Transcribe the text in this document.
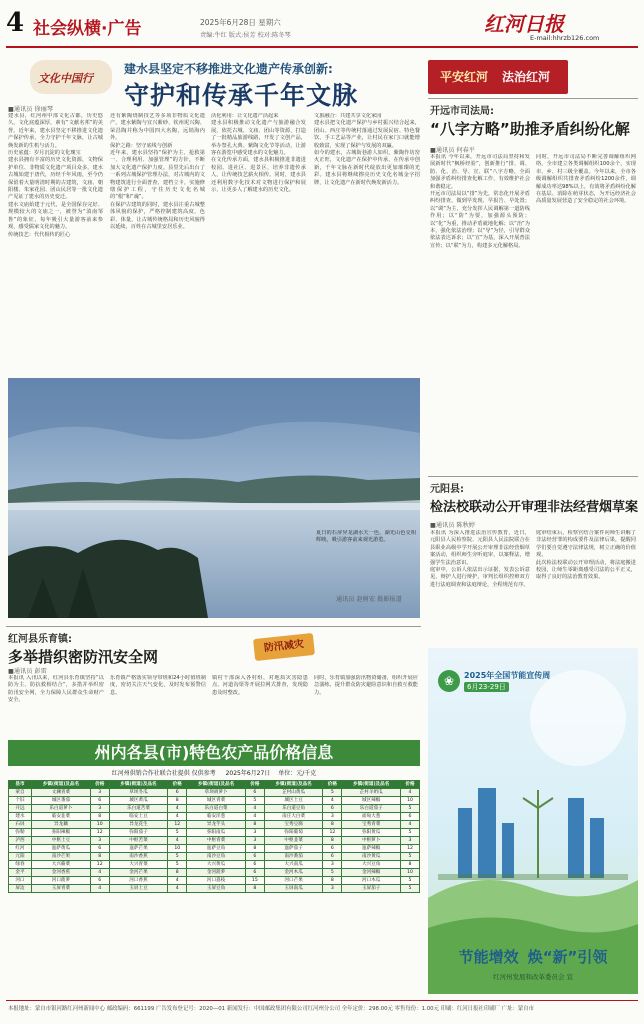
4 社会纵横·广告	2025年6月28日 星期六
责编:牛红 版式:侯芳 校对:陈冬琴	红河日报
E-mail:hhrzb126.com
文化中国行
建水县坚定不移推进文化遗产传承创新:
守护和传承千年文脉
■通讯员 徐丽琴
建水县，红河州中部文化古都，历史悠久，文化底蕴深厚，素有“文献名邦”的美誉。近年来，建水县坚定不移推进文化遗产保护传承，全力守护千年文脉，让古城焕发新的生机与活力。
历史底蕴：岁月沉淀的文化瑰宝
建水县拥有丰富的历史文化资源，文物保护单位、非物质文化遗产项目众多。建水古城始建于唐代，历经千年风雨，至今仍保留着大量明清时期的古建筑，文庙、朝阳楼、朱家花园、团山民居等一批文化遗产见证了建水的历史变迁。
建水文庙始建于元代，是全国保存完好、规模较大的文庙之一，被誉为“滇南邹鲁”的象征，每年吸引大量游客前来参观，感受儒家文化的魅力。
传统技艺：代代相传的匠心
还有紫陶烧制技艺等多项非物质文化遗产，建水紫陶与宜兴紫砂、钦州坭兴陶、荣昌陶并称为中国四大名陶，远销海内外。
保护之路：坚守底线与创新
近年来，建水县坚持“保护为主、抢救第一、合理利用、加强管理”的方针，不断加大文化遗产保护力度。县里先后出台了一系列古城保护管理办法，对古城内的文物建筑进行全面普查、建档立卡，实施修缮保护工程，守住历史文化名城的“根”和“魂”。
在保护古建筑的同时，建水县注重古城整体风貌的保护，严格控制建筑高度、色彩、体量，让古城传统格局和历史风貌得以延续，百姓在古城里安居乐业。
活化利用：让文化遗产活起来
建水县积极推动文化遗产与旅游融合发展，依托古城、文庙、团山等资源，打造了一批精品旅游线路，开发了文创产品，举办祭孔大典、紫陶文化节等活动，让游客在游览中感受建水的文化魅力。
在文化传承方面，建水县积极推进非遗进校园、进社区、进景区，培养非遗传承人，让传统技艺薪火相传。同时，建水县还利用数字化技术对文物进行保护和展示，让更多人了解建水的历史文化。
文旅融合：共建共享文化家园
建水县把文化遗产保护与乡村振兴结合起来，团山、西庄等传统村落通过发展民宿、特色餐饮、手工艺品等产业，让村民在家门口就能增收致富，实现了保护与发展的双赢。
如今的建水，古城街巷游人如织，紫陶作坊窑火正旺，文化遗产在保护中传承，在传承中创新，千年文脉在新时代绽放出更加璀璨的光彩。建水县将继续擦亮历史文化名城金字招牌，让文化遗产在新时代焕发新活力。
夏日的石屏异龙湖水天一色，湖光山色交相辉映，吸引游客前来观光游览。
通讯员 赵树宏 摄影报道
平安红河 法治红河
开远市司法局:
“八字方略”助推矛盾纠纷化解
■通讯员 何春平
本报讯 今年以来，开远市司法局坚持和发展新时代“枫桥经验”，创新推行“排、调、防、化、治、导、宣、联”八字方略，全面加强矛盾纠纷排查化解工作，有效维护社会和谐稳定。
开远市司法局以“排”为先，常态化开展矛盾纠纷排查，做到早发现、早报告、早处置；以“调”为主，充分发挥人民调解第一道防线作用；以“防”为要，加强源头预防；以“化”为重，推动矛盾就地化解；以“治”为本，强化依法治理；以“导”为径，引导群众依法表达诉求；以“宣”为基，深入开展普法宣传；以“联”为力，构建多元化解格局。
同时，开远市司法局不断完善调解组织网络，全市建立各类调解组织100余个，实现市、乡、村三级全覆盖。今年以来，全市各级调解组织共排查矛盾纠纷1200余件，调解成功率达98%以上，有效将矛盾纠纷化解在基层、消除在萌芽状态，为开远经济社会高质量发展营造了安全稳定的社会环境。
元阳县:
检法校联动公开审理非法经营烟草案
■通讯员 陈秋婷
本报讯 为深入推进法治宣传教育，近日，元阳县人民检察院、元阳县人民法院联合在县职业高级中学开展公开审理非法经营烟草案活动，组织师生旁听庭审，以案释法，增强学生法治意识。
庭审中，公诉人依法出示证据，发表公诉意见，辩护人进行辩护，审判长组织控辩双方进行法庭调查和法庭辩论，全程规范有序。
庭审结束后，检察官结合案件向师生讲解了非法经营罪的构成要件及法律后果，提醒同学们要自觉遵守法律法规，树立正确的价值观。
此次检法校联动公开审理活动，将法庭搬进校园，让师生零距离感受司法的公平正义，取得了良好的法治教育效果。
红河县乐育镇:
多举措织密防汛安全网
防汛减灾
■通讯员 彭雷
本报讯 入汛以来，红河县乐育镇坚持“以防为主、防抗救相结合”，多措并举织密防汛安全网，全力保障人民群众生命财产安全。
乐育镇严格落实领导带班和24小时值班制度，密切关注天气变化，及时发布预警信息。
镇村干部深入各村组，对地质灾害隐患点、河道沟渠等开展拉网式排查，发现隐患及时整改。
同时，乐育镇加强防汛物资储备，组织开展应急演练，提升群众防灾避险意识和自救互救能力。
州内各县(市)特色农产品价格信息
红河州供销合作社联合社提供 仅供参考 2025年6月27日 单位：元/千克
县市	乡镇(街道)及品名	价格	乡镇(街道)及品名	价格	乡镇(街道)及品名	价格	乡镇(街道)及品名	价格	乡镇(街道)及品名	价格
蒙自	文澜青菜	3	草坝冬瓜	6	草坝胡萝卜	6	芷村山黄瓜	5	芷村羊奶瓜	4
个旧	城区番茄	6	城区黄瓜	8	城区青菜	5	城区土豆	4	城区辣椒	10
开远	乐白道萝卜	3	乐白道苦菜	4	乐白道白菜	4	乐白道豆角	6	乐白道茄子	5
建水	临安韭菜	8	临安土豆	4	临安洋葱	4	南庄大白菜	3	面甸大葱	6
石屏	异龙藕	10	异龙花生	12	异龙芋头	8	宝秀豆腐	8	宝秀青菜	4
弥勒	弥阳辣椒	12	弥阳茄子	5	弥阳南瓜	3	弥阳葡萄	12	弥阳黄瓜	5
泸西	中枢土豆	3	中枢苦菜	4	中枢青菜	3	中枢韭菜	8	中枢萝卜	3
红河	迤萨黄瓜	6	迤萨芒果	10	迤萨豆角	8	迤萨茄子	6	迤萨辣椒	12
元阳	南沙芒果	8	南沙香蕉	5	南沙豆角	6	南沙番茄	6	南沙黄瓜	5
绿春	大兴蕨菜	12	大兴青菜	5	大兴黄瓜	6	大兴南瓜	3	大兴豆角	8
金平	金河香蕉	4	金河芒果	8	金河菠萝	6	金河木瓜	5	金河辣椒	10
河口	河口菠萝	6	河口香蕉	4	河口荔枝	15	河口芒果	8	河口木瓜	5
屏边	玉屏青菜	4	玉屏土豆	4	玉屏豆角	8	玉屏南瓜	3	玉屏茄子	5
❀	2025年全国节能宣传周
6月23-29日
节能增效 焕“新”引领
红河州发展和改革委员会 宣
本报地址：蒙自市银河路红河州新闻中心 邮政编码：661199 广告发布登记号：2020—01 新闻发行：中国邮政集团有限公司红河州分公司 全年定价：298.00元 零售每份：1.00元 印刷：红河日报社印刷厂 广址：蒙自市
